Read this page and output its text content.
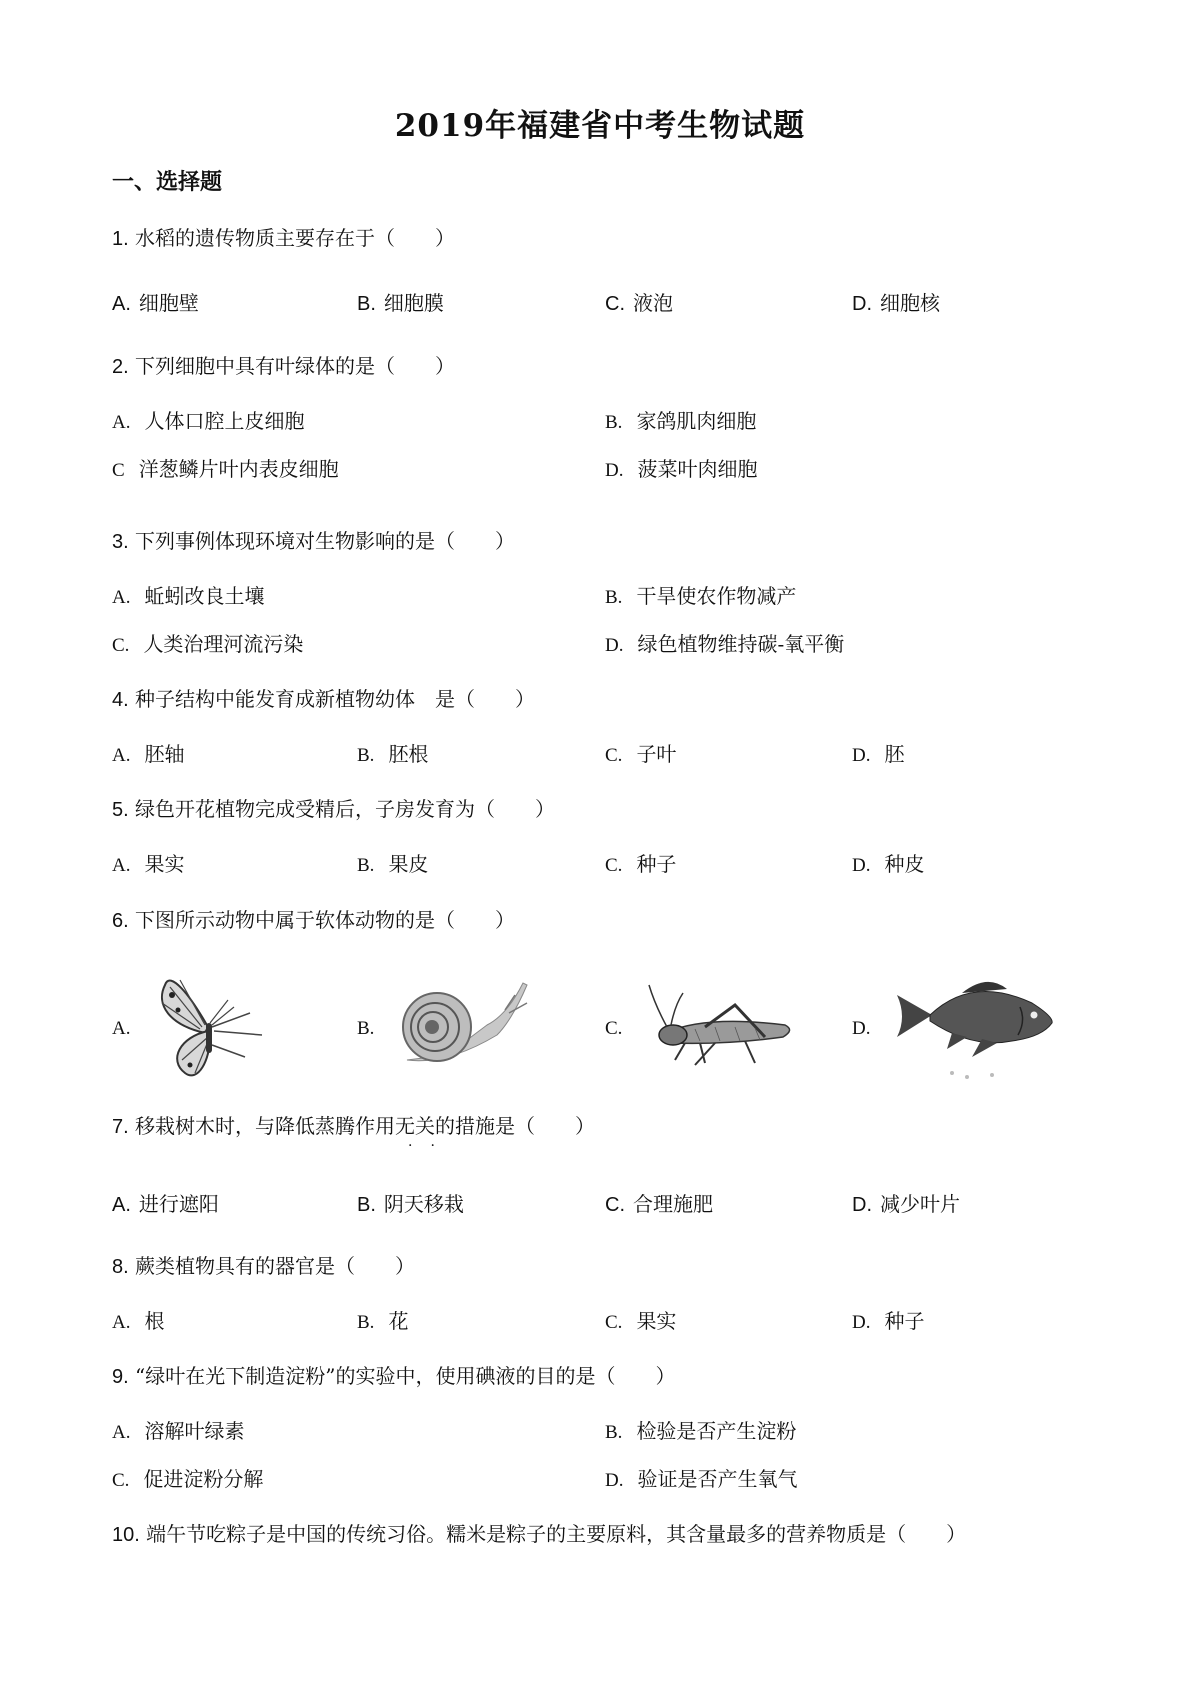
2019年福建省中考生物试题
一、选择题
1. 水稻的遗传物质主要存在于（　　）
A. 细胞壁	B. 细胞膜	C. 液泡	D. 细胞核
2. 下列细胞中具有叶绿体的是（　　）
A. 人体口腔上皮细胞	B. 家鸽肌肉细胞
C 洋葱鳞片叶内表皮细胞	D. 菠菜叶肉细胞
3. 下列事例体现环境对生物影响的是（　　）
A. 蚯蚓改良土壤	B. 干旱使农作物减产
C. 人类治理河流污染	D. 绿色植物维持碳-氧平衡
4. 种子结构中能发育成新植物幼体　是（　　）
A. 胚轴	B. 胚根	C. 子叶	D. 胚
5. 绿色开花植物完成受精后，子房发育为（　　）
A. 果实	B. 果皮	C. 种子	D. 种皮
6. 下图所示动物中属于软体动物的是（　　）
A.	B.	C.	D.
7. 移栽树木时，与降低蒸腾作用无关的措施是（　　）
··
A. 进行遮阳	B. 阴天移栽	C. 合理施肥	D. 减少叶片
8. 蕨类植物具有的器官是（　　）
A. 根	B. 花	C. 果实	D. 种子
9. “绿叶在光下制造淀粉”的实验中，使用碘液的目的是（　　）
A. 溶解叶绿素	B. 检验是否产生淀粉
C. 促进淀粉分解	D. 验证是否产生氧气
10. 端午节吃粽子是中国的传统习俗。糯米是粽子的主要原料，其含量最多的营养物质是（　　）
